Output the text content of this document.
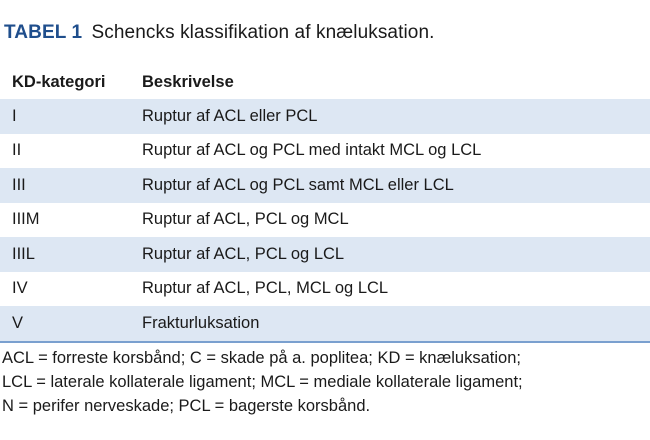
TABEL 1 Schencks klassifikation af knæluksation.
KD-kategori	Beskrivelse
I	Ruptur af ACL eller PCL
II	Ruptur af ACL og PCL med intakt MCL og LCL
III	Ruptur af ACL og PCL samt MCL eller LCL
IIIM	Ruptur af ACL, PCL og MCL
IIIL	Ruptur af ACL, PCL og LCL
IV	Ruptur af ACL, PCL, MCL og LCL
V	Frakturluksation
ACL = forreste korsbånd; C = skade på a. poplitea; KD = knæluksation;
LCL = laterale kollaterale ligament; MCL = mediale kollaterale ligament;
N = perifer nerveskade; PCL = bagerste korsbånd.
